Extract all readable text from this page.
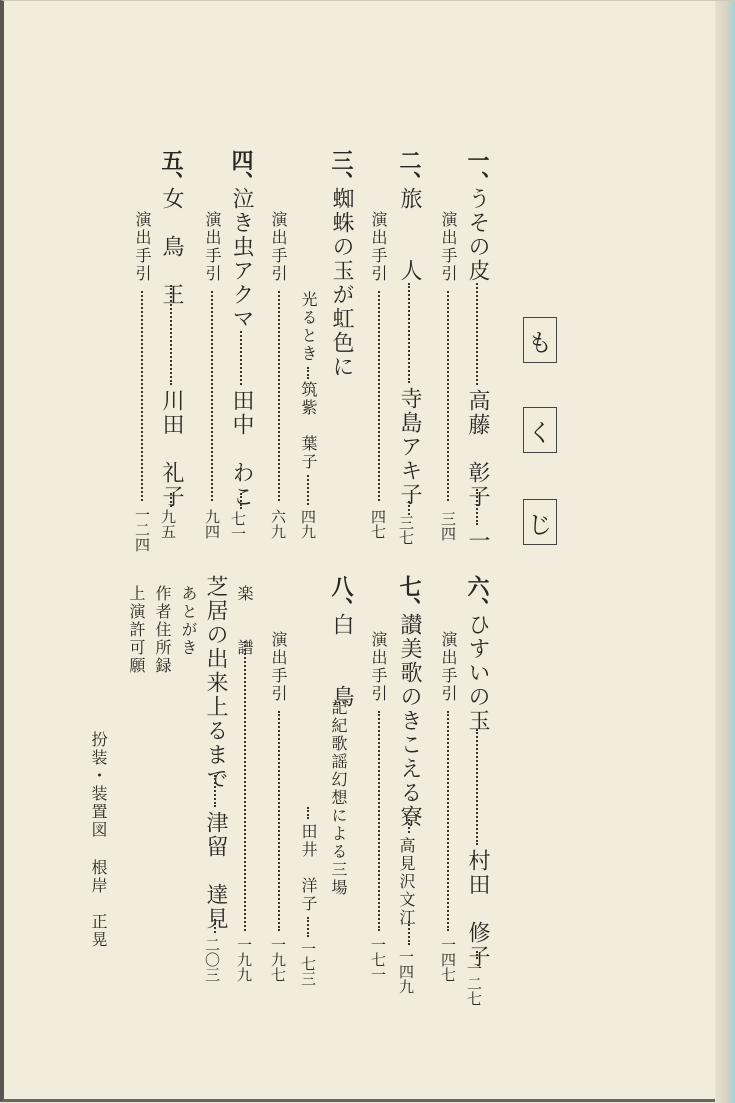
も
く
じ
一、
うその皮
高藤　彰子
一
演出手引
三四
二、
旅　　人
寺島アキ子
三七
演出手引
四七
三、
蜘蛛の玉が虹色に
光るとき
筑紫　葉子
四九
演出手引
六九
四、
泣き虫アクマ
田中　わこ
七一
演出手引
九四
五、
女　鳥　王
川田　礼子
九五
演出手引
一二四
六、
ひすいの玉
村田　修子
一二七
演出手引
一四七
七、
讃美歌のきこえる寮
高見沢文江
一四九
演出手引
一七一
八、
白　　鳥
記紀歌謡幻想による三場
田井　洋子
一七三
演出手引
一九七
楽　　譜
一九九
芝居の出来上るまで
津留　達見
二〇三
あとがき
作者住所録
上演許可願
扮装・装置図
根岸　正晃
